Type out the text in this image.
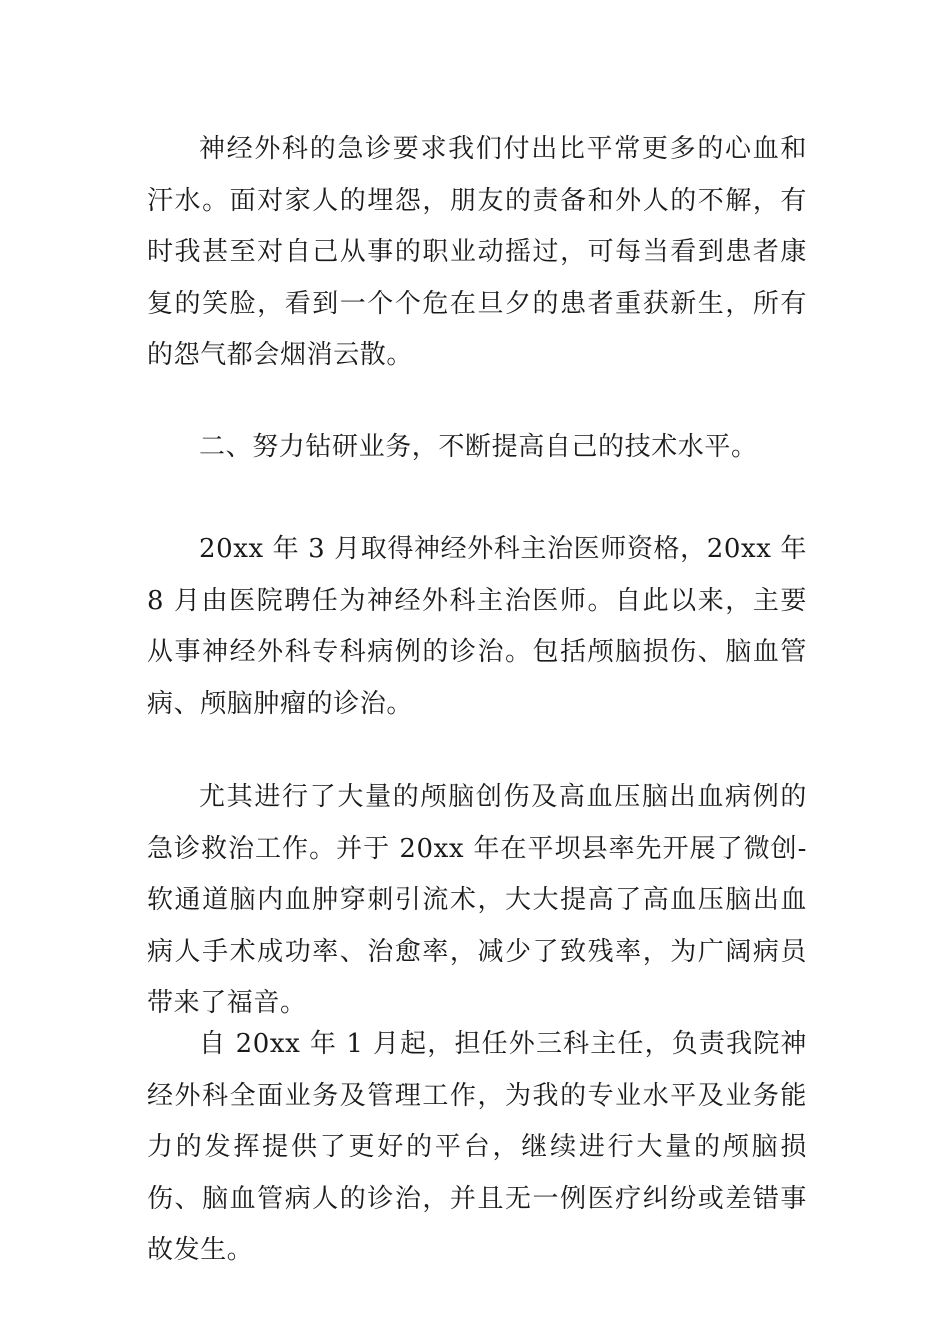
神经外科的急诊要求我们付出比平常更多的心血和汗水。面对家人的埋怨，朋友的责备和外人的不解，有时我甚至对自己从事的职业动摇过，可每当看到患者康复的笑脸，看到一个个危在旦夕的患者重获新生，所有的怨气都会烟消云散。

二、努力钻研业务，不断提高自己的技术水平。

20xx 年 3 月取得神经外科主治医师资格，20xx 年 8 月由医院聘任为神经外科主治医师。自此以来，主要从事神经外科专科病例的诊治。包括颅脑损伤、脑血管病、颅脑肿瘤的诊治。

尤其进行了大量的颅脑创伤及高血压脑出血病例的急诊救治工作。并于 20xx 年在平坝县率先开展了微创-软通道脑内血肿穿刺引流术，大大提高了高血压脑出血病人手术成功率、治愈率，减少了致残率，为广阔病员带来了福音。

自 20xx 年 1 月起，担任外三科主任，负责我院神经外科全面业务及管理工作，为我的专业水平及业务能力的发挥提供了更好的平台，继续进行大量的颅脑损伤、脑血管病人的诊治，并且无一例医疗纠纷或差错事故发生。
